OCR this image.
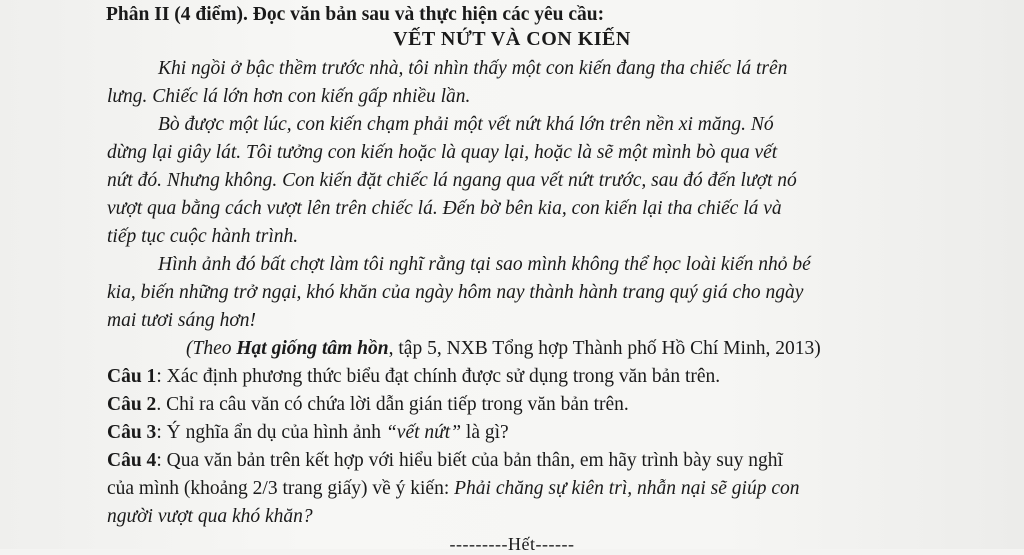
Phân II (4 điểm). Đọc văn bản sau và thực hiện các yêu cầu:
VẾT NỨT VÀ CON KIẾN
Khi ngồi ở bậc thềm trước nhà, tôi nhìn thấy một con kiến đang tha chiếc lá trên
lưng. Chiếc lá lớn hơn con kiến gấp nhiều lần.
Bò được một lúc, con kiến chạm phải một vết nứt khá lớn trên nền xi măng. Nó
dừng lại giây lát. Tôi tưởng con kiến hoặc là quay lại, hoặc là sẽ một mình bò qua vết
nứt đó. Nhưng không. Con kiến đặt chiếc lá ngang qua vết nứt trước, sau đó đến lượt nó
vượt qua bằng cách vượt lên trên chiếc lá. Đến bờ bên kia, con kiến lại tha chiếc lá và
tiếp tục cuộc hành trình.
Hình ảnh đó bất chợt làm tôi nghĩ rằng tại sao mình không thể học loài kiến nhỏ bé
kia, biến những trở ngại, khó khăn của ngày hôm nay thành hành trang quý giá cho ngày
mai tươi sáng hơn!
(Theo Hạt giống tâm hồn, tập 5, NXB Tổng hợp Thành phố Hồ Chí Minh, 2013)
Câu 1: Xác định phương thức biểu đạt chính được sử dụng trong văn bản trên.
Câu 2. Chỉ ra câu văn có chứa lời dẫn gián tiếp trong văn bản trên.
Câu 3: Ý nghĩa ẩn dụ của hình ảnh “vết nứt” là gì?
Câu 4: Qua văn bản trên kết hợp với hiểu biết của bản thân, em hãy trình bày suy nghĩ
của mình (khoảng 2/3 trang giấy) về ý kiến: Phải chăng sự kiên trì, nhẫn nại sẽ giúp con
người vượt qua khó khăn?
---------Hết------
